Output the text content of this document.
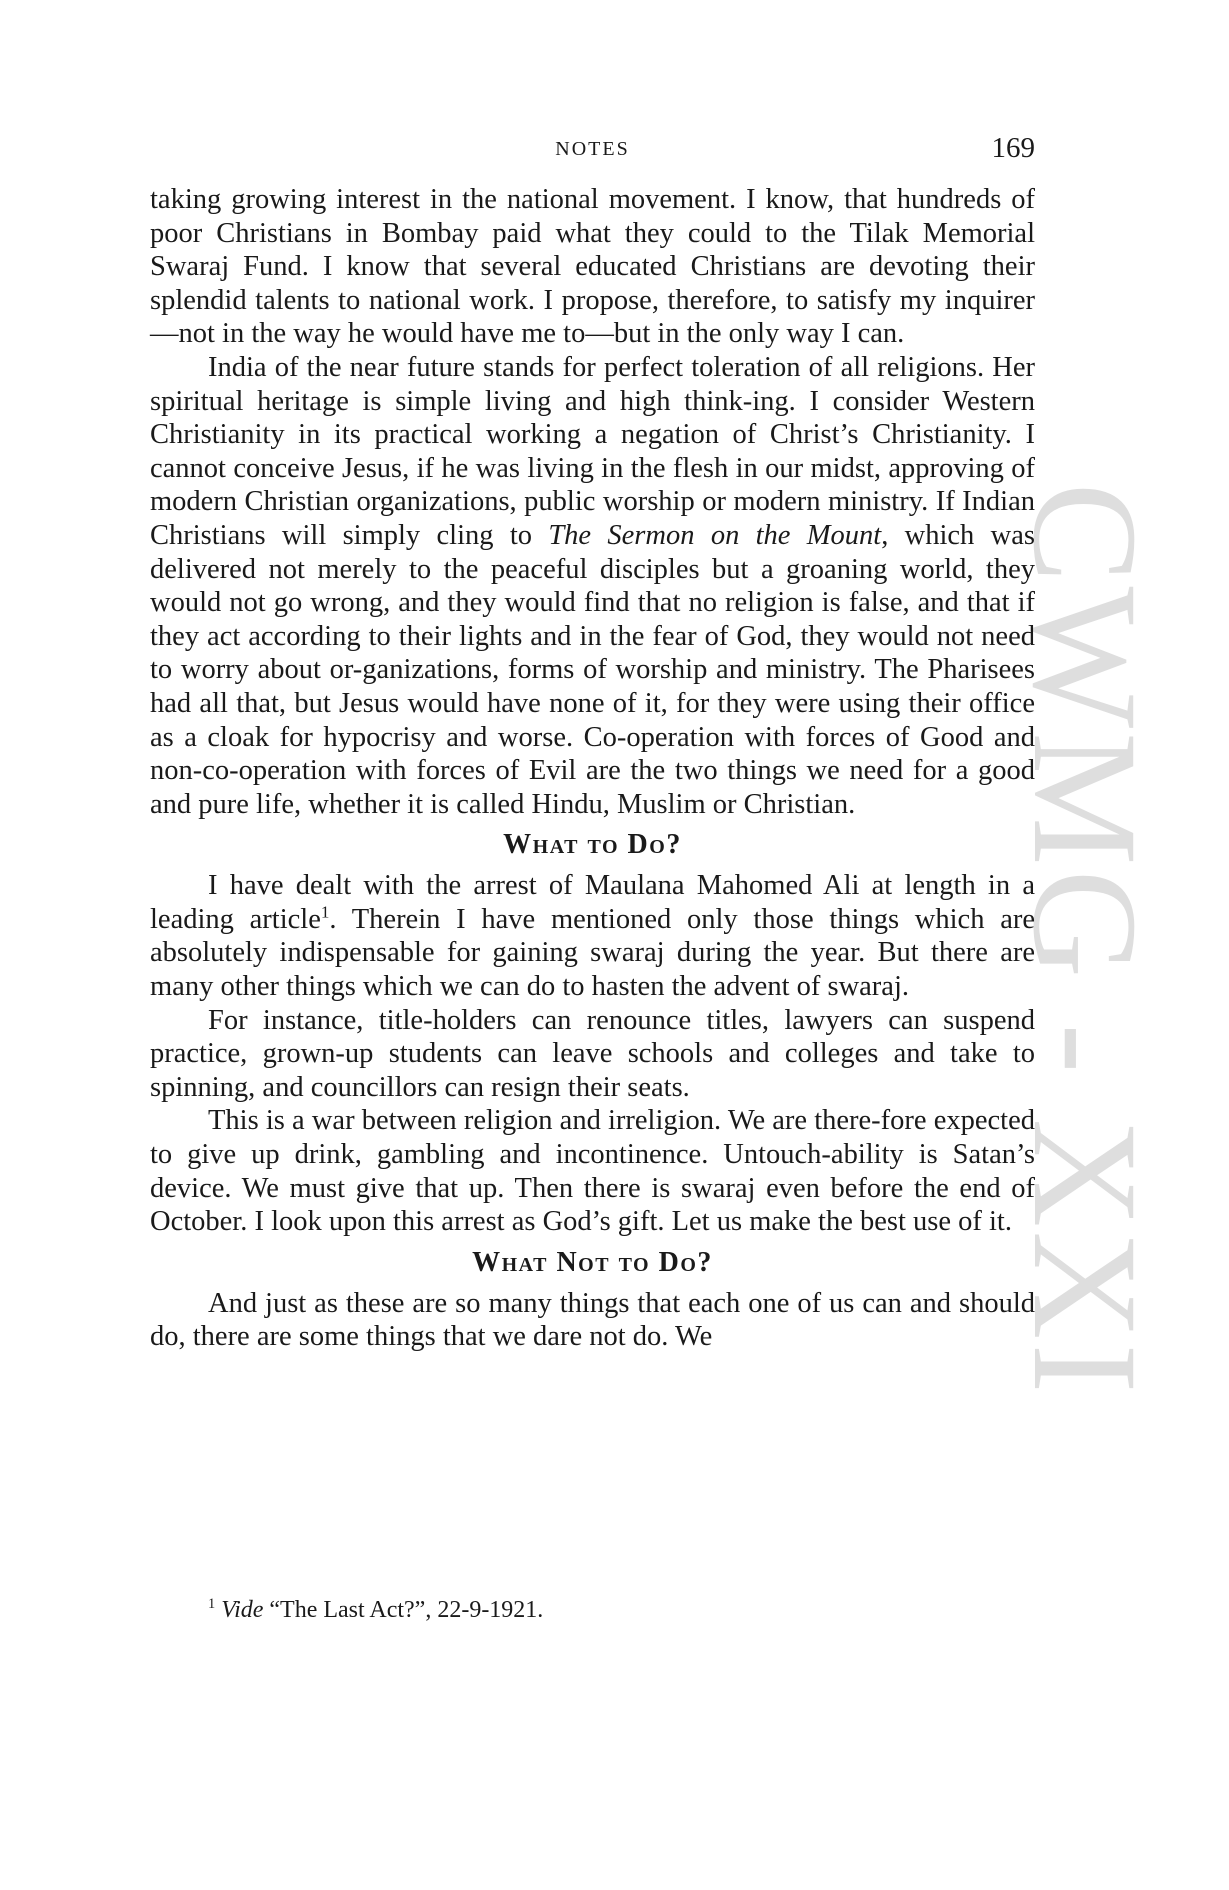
CWMG - XXI
NOTES	169

taking growing interest in the national movement. I know, that hundreds of poor Christians in Bombay paid what they could to the Tilak Memorial Swaraj Fund. I know that several educated Christians are devoting their splendid talents to national work. I propose, therefore, to satisfy my inquirer—not in the way he would have me to—but in the only way I can.

India of the near future stands for perfect toleration of all religions. Her spiritual heritage is simple living and high think-ing. I consider Western Christianity in its practical working a negation of Christ’s Christianity. I cannot conceive Jesus, if he was living in the flesh in our midst, approving of modern Christian organizations, public worship or modern ministry. If Indian Christians will simply cling to The Sermon on the Mount, which was delivered not merely to the peaceful disciples but a groaning world, they would not go wrong, and they would find that no religion is false, and that if they act according to their lights and in the fear of God, they would not need to worry about or-ganizations, forms of worship and ministry. The Pharisees had all that, but Jesus would have none of it, for they were using their office as a cloak for hypocrisy and worse. Co-operation with forces of Good and non-co-operation with forces of Evil are the two things we need for a good and pure life, whether it is called Hindu, Muslim or Christian.

What to Do?

I have dealt with the arrest of Maulana Mahomed Ali at length in a leading article$^1$. Therein I have mentioned only those things which are absolutely indispensable for gaining swaraj during the year. But there are many other things which we can do to hasten the advent of swaraj.

For instance, title-holders can renounce titles, lawyers can suspend practice, grown-up students can leave schools and colleges and take to spinning, and councillors can resign their seats.

This is a war between religion and irreligion. We are there-fore expected to give up drink, gambling and incontinence. Untouch-ability is Satan’s device. We must give that up. Then there is swaraj even before the end of October. I look upon this arrest as God’s gift. Let us make the best use of it.

What Not to Do?

And just as these are so many things that each one of us can and should do, there are some things that we dare not do. We

$^1$ Vide “The Last Act?”, 22-9-1921.
